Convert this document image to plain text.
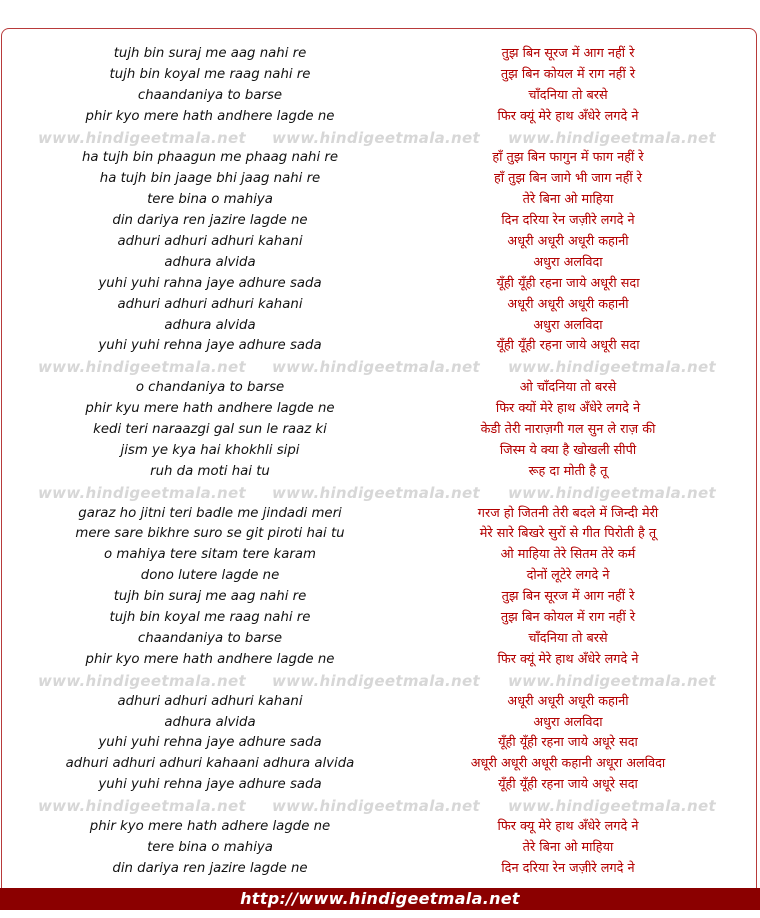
tujh bin suraj me aag nahi re	तुझ बिन सूरज में आग नहीं रे
tujh bin koyal me raag nahi re	तुझ बिन कोयल में राग नहीं रे
chaandaniya to barse	चाँदनिया तो बरसे
phir kyo mere hath andhere lagde ne	फिर क्यूं मेरे हाथ अँधेरे लगदे ने
www.hindigeetmala.net www.hindigeetmala.net www.hindigeetmala.net
ha tujh bin phaagun me phaag nahi re	हाँ तुझ बिन फागुन में फाग नहीं रे
ha tujh bin jaage bhi jaag nahi re	हाँ तुझ बिन जागे भी जाग नहीं रे
tere bina o mahiya	तेरे बिना ओ माहिया
din dariya ren jazire lagde ne	दिन दरिया रेन जज़ीरे लगदे ने
adhuri adhuri adhuri kahani	अधूरी अधूरी अधूरी कहानी
adhura alvida	अधुरा अलविदा
yuhi yuhi rahna jaye adhure sada	यूँही यूँही रहना जाये अधूरी सदा
adhuri adhuri adhuri kahani	अधूरी अधूरी अधूरी कहानी
adhura alvida	अधुरा अलविदा
yuhi yuhi rehna jaye adhure sada	यूँही यूँही रहना जाये अधूरी सदा
www.hindigeetmala.net www.hindigeetmala.net www.hindigeetmala.net
o chandaniya to barse	ओ चाँदनिया तो बरसे
phir kyu mere hath andhere lagde ne	फिर क्यों मेरे हाथ अँधेरे लगदे ने
kedi teri naraazgi gal sun le raaz ki	केडी तेरी नाराज़गी गल सुन ले राज़ की
jism ye kya hai khokhli sipi	जिस्म ये क्या है खोखली सीपी
ruh da moti hai tu	रूह दा मोती है तू
www.hindigeetmala.net www.hindigeetmala.net www.hindigeetmala.net
garaz ho jitni teri badle me jindadi meri	गरज हो जितनी तेरी बदले में जिन्दी मेरी
mere sare bikhre suro se git piroti hai tu	मेरे सारे बिखरे सुरों से गीत पिरोती है तू
o mahiya tere sitam tere karam	ओ माहिया तेरे सितम तेरे कर्म
dono lutere lagde ne	दोनों लूटेरे लगदे ने
tujh bin suraj me aag nahi re	तुझ बिन सूरज में आग नहीं रे
tujh bin koyal me raag nahi re	तुझ बिन कोयल में राग नहीं रे
chaandaniya to barse	चाँदनिया तो बरसे
phir kyo mere hath andhere lagde ne	फिर क्यूं मेरे हाथ अँधेरे लगदे ने
www.hindigeetmala.net www.hindigeetmala.net www.hindigeetmala.net
adhuri adhuri adhuri kahani	अधूरी अधूरी अधूरी कहानी
adhura alvida	अधुरा अलविदा
yuhi yuhi rehna jaye adhure sada	यूँही यूँही रहना जाये अधूरे सदा
adhuri adhuri adhuri kahaani adhura alvida	अधूरी अधूरी अधूरी कहानी अधूरा अलविदा
yuhi yuhi rehna jaye adhure sada	यूँही यूँही रहना जाये अधूरे सदा
www.hindigeetmala.net www.hindigeetmala.net www.hindigeetmala.net
phir kyo mere hath adhere lagde ne	फिर क्यू मेरे हाथ अँधेरे लगदे ने
tere bina o mahiya	तेरे बिना ओ माहिया
din dariya ren jazire lagde ne	दिन दरिया रेन जज़ीरे लगदे ने
http://www.hindigeetmala.net
